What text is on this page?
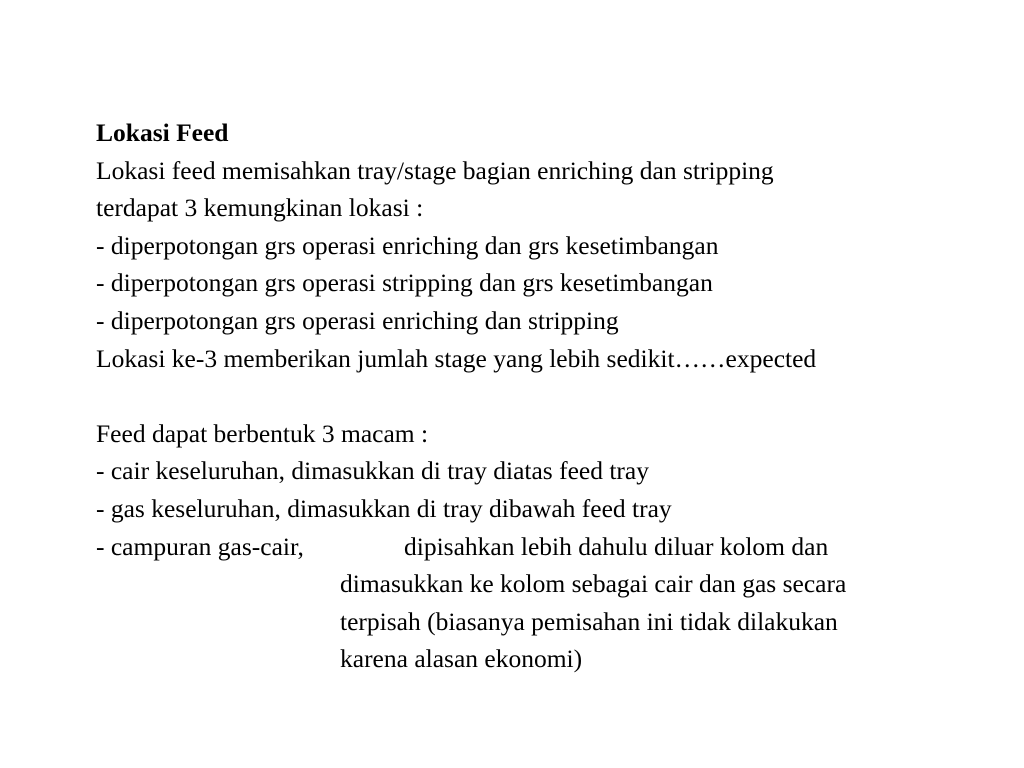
Lokasi Feed
Lokasi feed memisahkan tray/stage bagian enriching dan stripping
terdapat 3 kemungkinan lokasi :
- diperpotongan grs operasi enriching dan grs kesetimbangan
- diperpotongan grs operasi stripping dan grs kesetimbangan
- diperpotongan grs operasi enriching dan stripping
Lokasi ke-3 memberikan jumlah stage yang lebih sedikit……expected
Feed dapat berbentuk 3 macam :
- cair keseluruhan, dimasukkan di tray diatas feed tray
- gas keseluruhan, dimasukkan di tray dibawah feed tray
- campuran gas-cair,	dipisahkan lebih dahulu diluar kolom dan
dimasukkan ke kolom sebagai cair dan gas secara
terpisah (biasanya pemisahan ini tidak dilakukan
karena alasan ekonomi)
